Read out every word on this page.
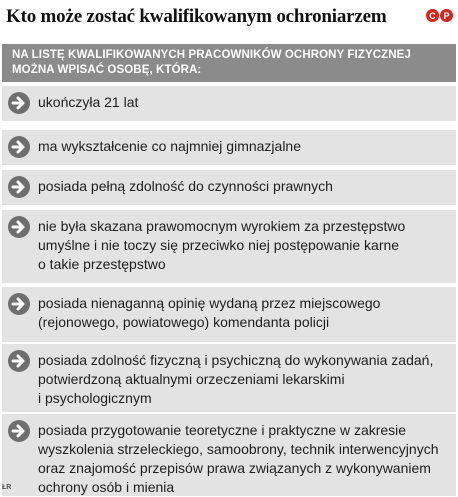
Kto może zostać kwalifikowanym ochroniarzem	C P
NA LISTĘ KWALIFIKOWANYCH PRACOWNIKÓW OCHRONY FIZYCZNEJ
MOŻNA WPISAĆ OSOBĘ, KTÓRA:
ukończyła 21 lat
ma wykształcenie co najmniej gimnazjalne
posiada pełną zdolność do czynności prawnych
nie była skazana prawomocnym wyrokiem za przestępstwo
umyślne i nie toczy się przeciwko niej postępowanie karne
o takie przestępstwo
posiada nienaganną opinię wydaną przez miejscowego
(rejonowego, powiatowego) komendanta policji
posiada zdolność fizyczną i psychiczną do wykonywania zadań,
potwierdzoną aktualnymi orzeczeniami lekarskimi
i psychologicznym
posiada przygotowanie teoretyczne i praktyczne w zakresie
wyszkolenia strzeleckiego, samoobrony, technik interwencyjnych
oraz znajomość przepisów prawa związanych z wykonywaniem
ochrony osób i mienia
ŁR
